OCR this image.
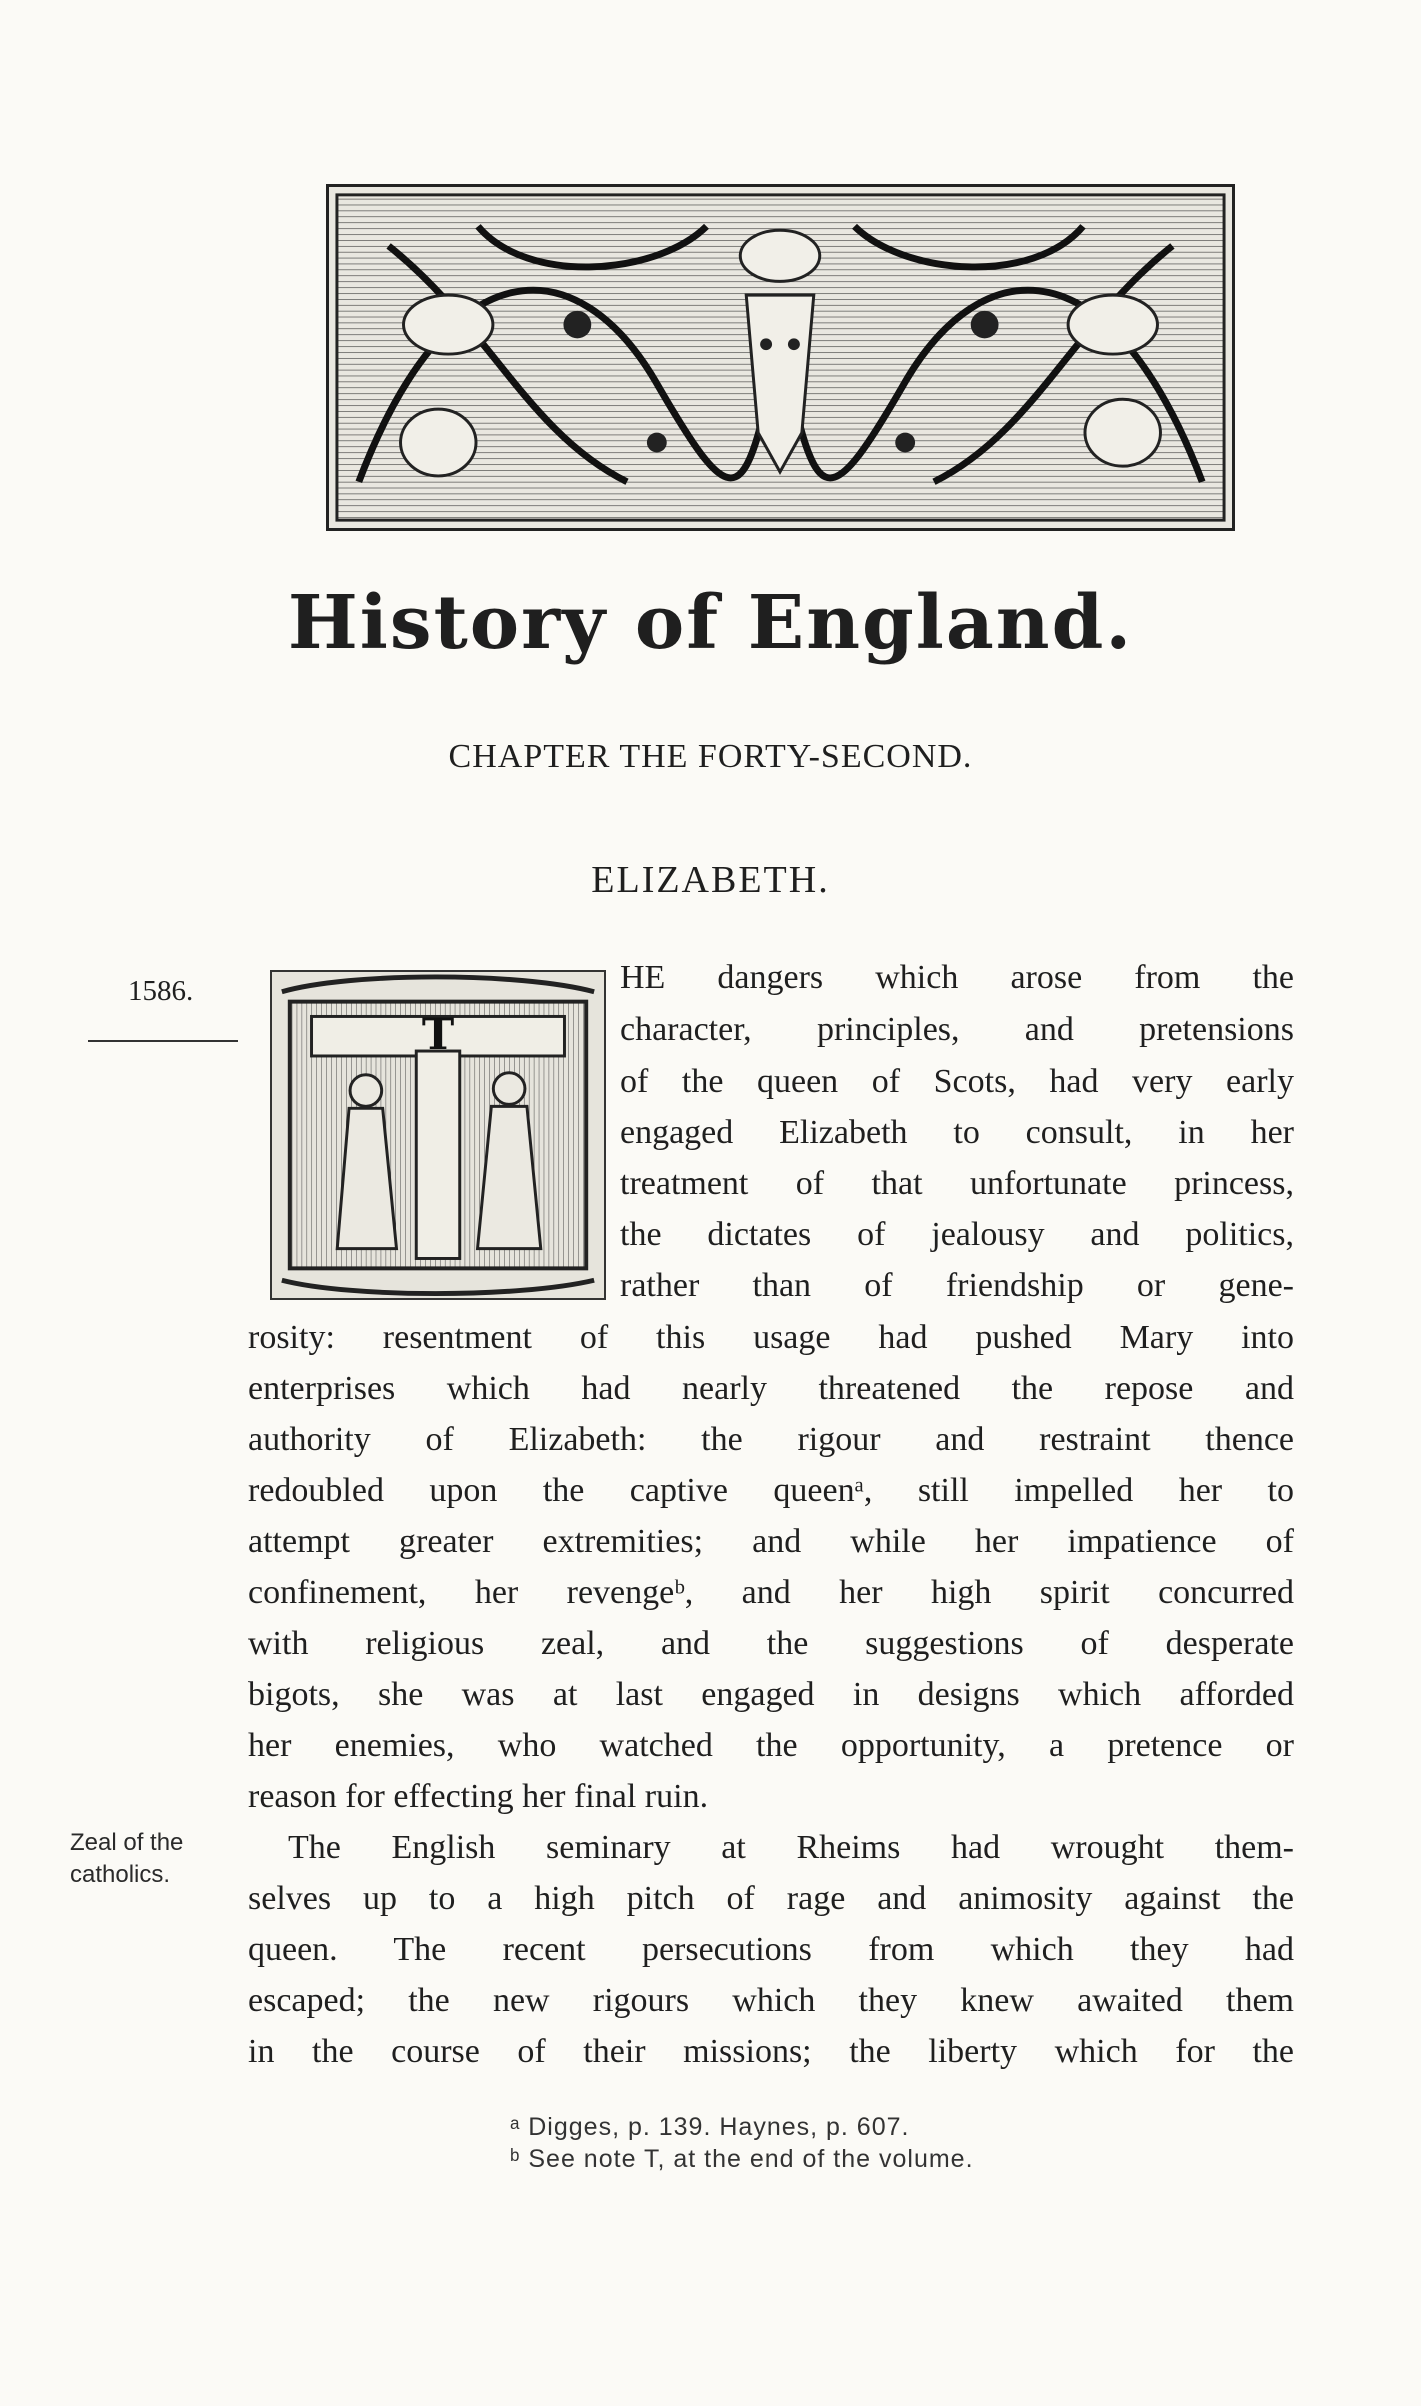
History of England.
CHAPTER THE FORTY-SECOND.
ELIZABETH.
1586.
T
HE dangers which arose from the
character, principles, and pretensions
of the queen of Scots, had very early
engaged Elizabeth to consult, in her
treatment of that unfortunate princess,
the dictates of jealousy and politics,
rather than of friendship or gene-
rosity: resentment of this usage had pushed Mary into
enterprises which had nearly threatened the repose and
authority of Elizabeth: the rigour and restraint thence
redoubled upon the captive queenᵃ, still impelled her to
attempt greater extremities; and while her impatience of
confinement, her revengeᵇ, and her high spirit concurred
with religious zeal, and the suggestions of desperate
bigots, she was at last engaged in designs which afforded
her enemies, who watched the opportunity, a pretence or
reason for effecting her final ruin.
Zeal of the
catholics.
The English seminary at Rheims had wrought them-
selves up to a high pitch of rage and animosity against the
queen. The recent persecutions from which they had
escaped; the new rigours which they knew awaited them
in the course of their missions; the liberty which for the
ᵃ Digges, p. 139. Haynes, p. 607.
ᵇ See note T, at the end of the volume.
